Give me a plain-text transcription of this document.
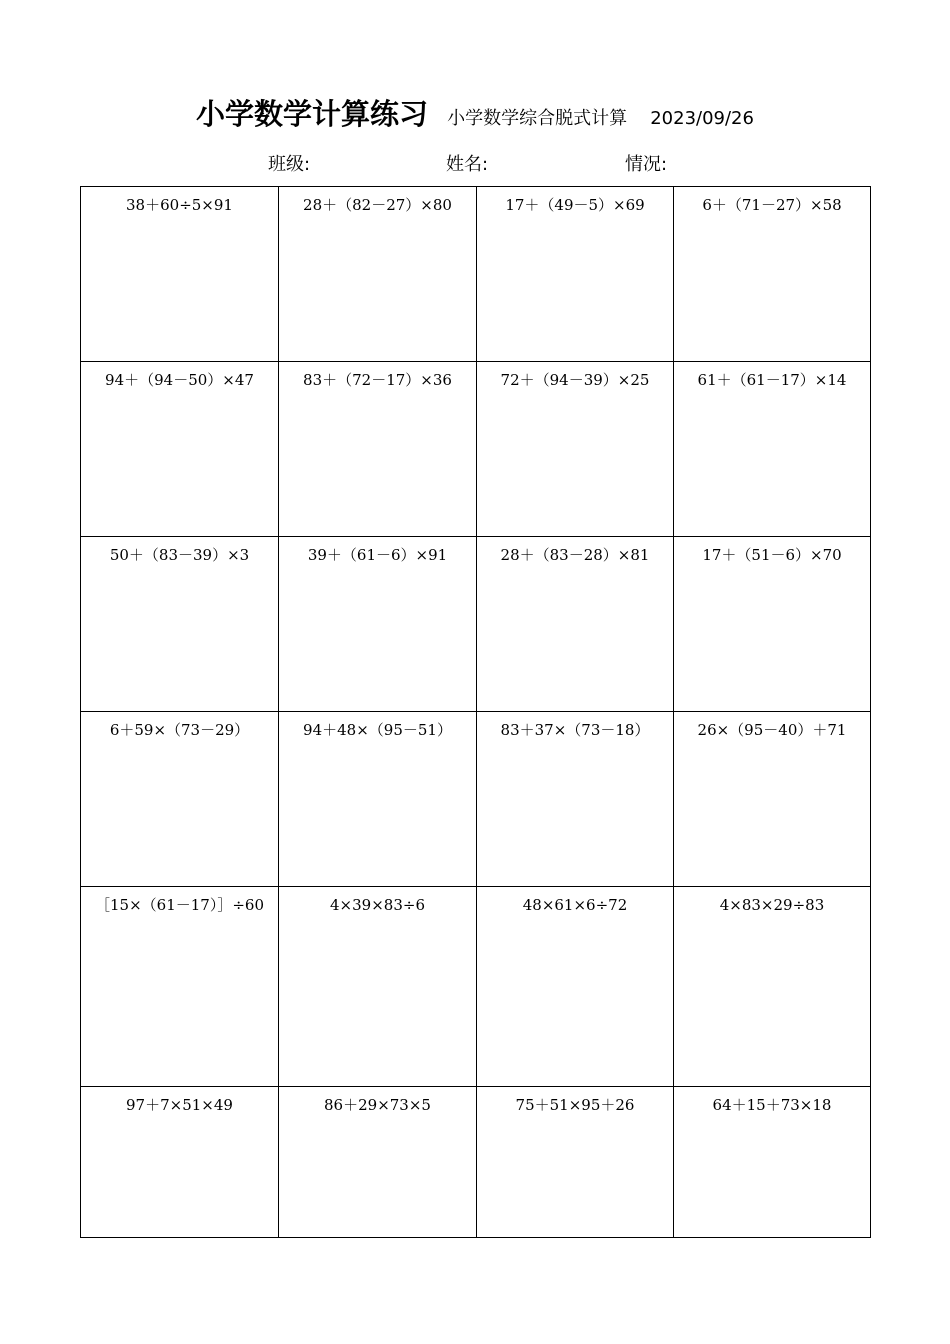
小学数学计算练习 小学数学综合脱式计算 2023/09/26
班级:	姓名:	情况:
38＋60÷5×91	28＋（82－27）×80	17＋（49－5）×69	6＋（71－27）×58
94＋（94－50）×47	83＋（72－17）×36	72＋（94－39）×25	61＋（61－17）×14
50＋（83－39）×3	39＋（61－6）×91	28＋（83－28）×81	17＋（51－6）×70
6＋59×（73－29）	94＋48×（95－51）	83＋37×（73－18）	26×（95－40）＋71
［15×（61－17）］÷60	4×39×83÷6	48×61×6÷72	4×83×29÷83
97＋7×51×49	86＋29×73×5	75＋51×95＋26	64＋15＋73×18
